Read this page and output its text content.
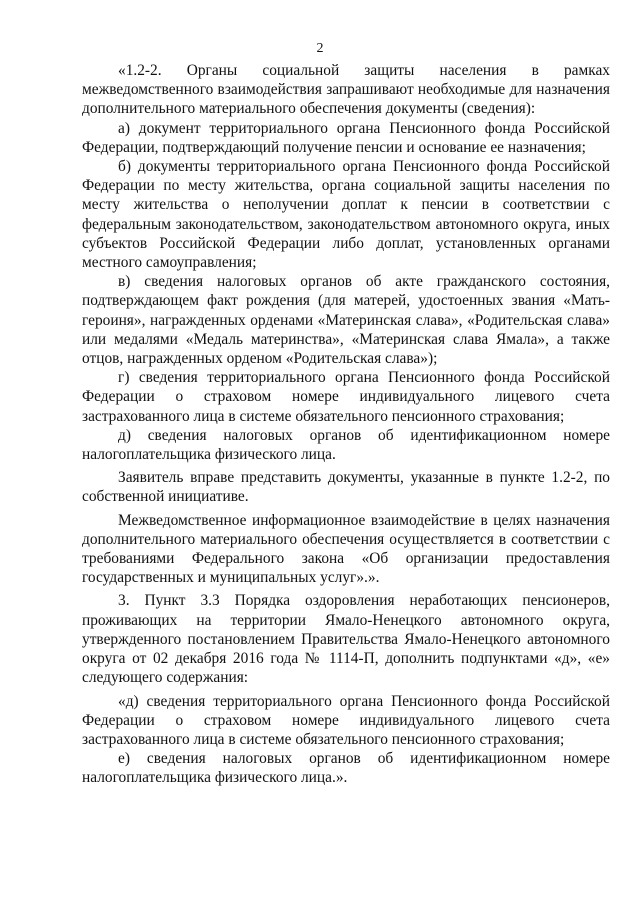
2

«1.2-2. Органы социальной защиты населения в рамках межведомственного взаимодействия запрашивают необходимые для назначения дополнительного материального обеспечения документы (сведения):

а) документ территориального органа Пенсионного фонда Российской Федерации, подтверждающий получение пенсии и основание ее назначения;

б) документы территориального органа Пенсионного фонда Российской Федерации по месту жительства, органа социальной защиты населения по месту жительства о неполучении доплат к пенсии в соответствии с федеральным законодательством, законодательством автономного округа, иных субъектов Российской Федерации либо доплат, установленных органами местного самоуправления;

в) сведения налоговых органов об акте гражданского состояния, подтверждающем факт рождения (для матерей, удостоенных звания «Мать-героиня», награжденных орденами «Материнская слава», «Родительская слава» или медалями «Медаль материнства», «Материнская слава Ямала», а также отцов, награжденных орденом «Родительская слава»);

г) сведения территориального органа Пенсионного фонда Российской Федерации о страховом номере индивидуального лицевого счета застрахованного лица в системе обязательного пенсионного страхования;

д) сведения налоговых органов об идентификационном номере налогоплательщика физического лица.

Заявитель вправе представить документы, указанные в пункте 1.2-2, по собственной инициативе.

Межведомственное информационное взаимодействие в целях назначения дополнительного материального обеспечения осуществляется в соответствии с требованиями Федерального закона «Об организации предоставления государственных и муниципальных услуг».».

3. Пункт 3.3 Порядка оздоровления неработающих пенсионеров, проживающих на территории Ямало-Ненецкого автономного округа, утвержденного постановлением Правительства Ямало-Ненецкого автономного округа от 02 декабря 2016 года № 1114-П, дополнить подпунктами «д», «е» следующего содержания:

«д) сведения территориального органа Пенсионного фонда Российской Федерации о страховом номере индивидуального лицевого счета застрахованного лица в системе обязательного пенсионного страхования;

е) сведения налоговых органов об идентификационном номере налогоплательщика физического лица.».
